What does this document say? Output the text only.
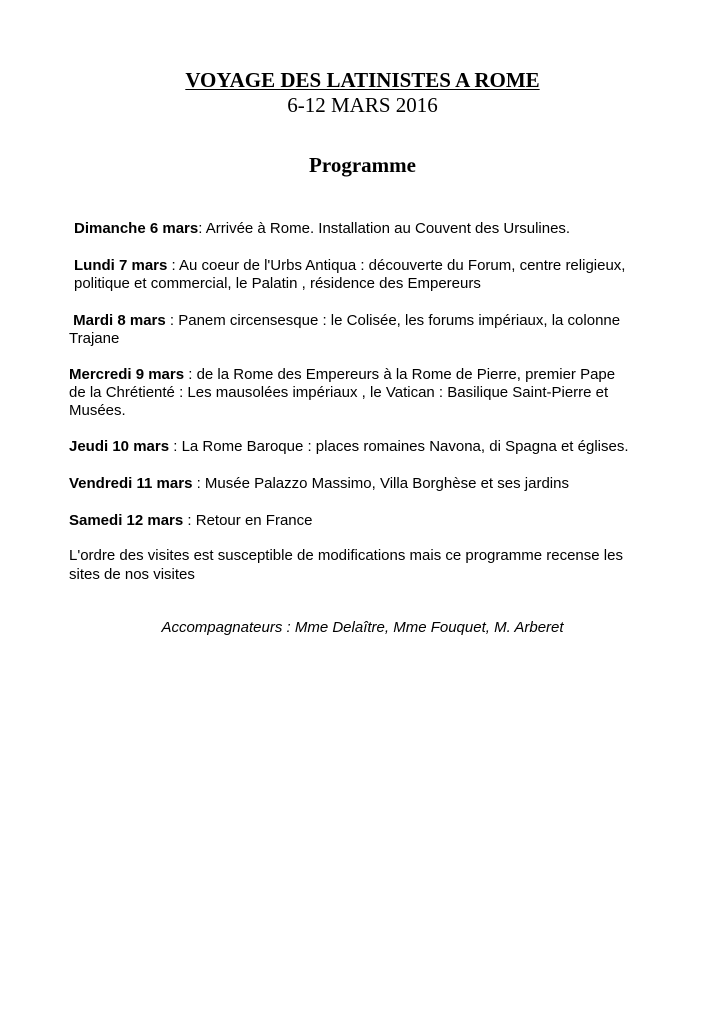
VOYAGE DES LATINISTES A ROME
6-12 MARS 2016
Programme

Dimanche 6 mars: Arrivée à Rome. Installation au Couvent des Ursulines.

Lundi 7 mars : Au coeur de l'Urbs Antiqua : découverte du Forum, centre religieux,
politique et commercial, le Palatin , résidence des Empereurs

Mardi 8 mars : Panem circensesque : le Colisée, les forums impériaux, la colonne
Trajane

Mercredi 9 mars : de la Rome des Empereurs à la Rome de Pierre, premier Pape
de la Chrétienté : Les mausolées impériaux , le Vatican : Basilique Saint-Pierre et
Musées.

Jeudi 10 mars : La Rome Baroque : places romaines Navona, di Spagna et églises.

Vendredi 11 mars : Musée Palazzo Massimo, Villa Borghèse et ses jardins

Samedi 12 mars : Retour en France

L'ordre des visites est susceptible de modifications mais ce programme recense les
sites de nos visites
Accompagnateurs : Mme Delaître, Mme Fouquet, M. Arberet
